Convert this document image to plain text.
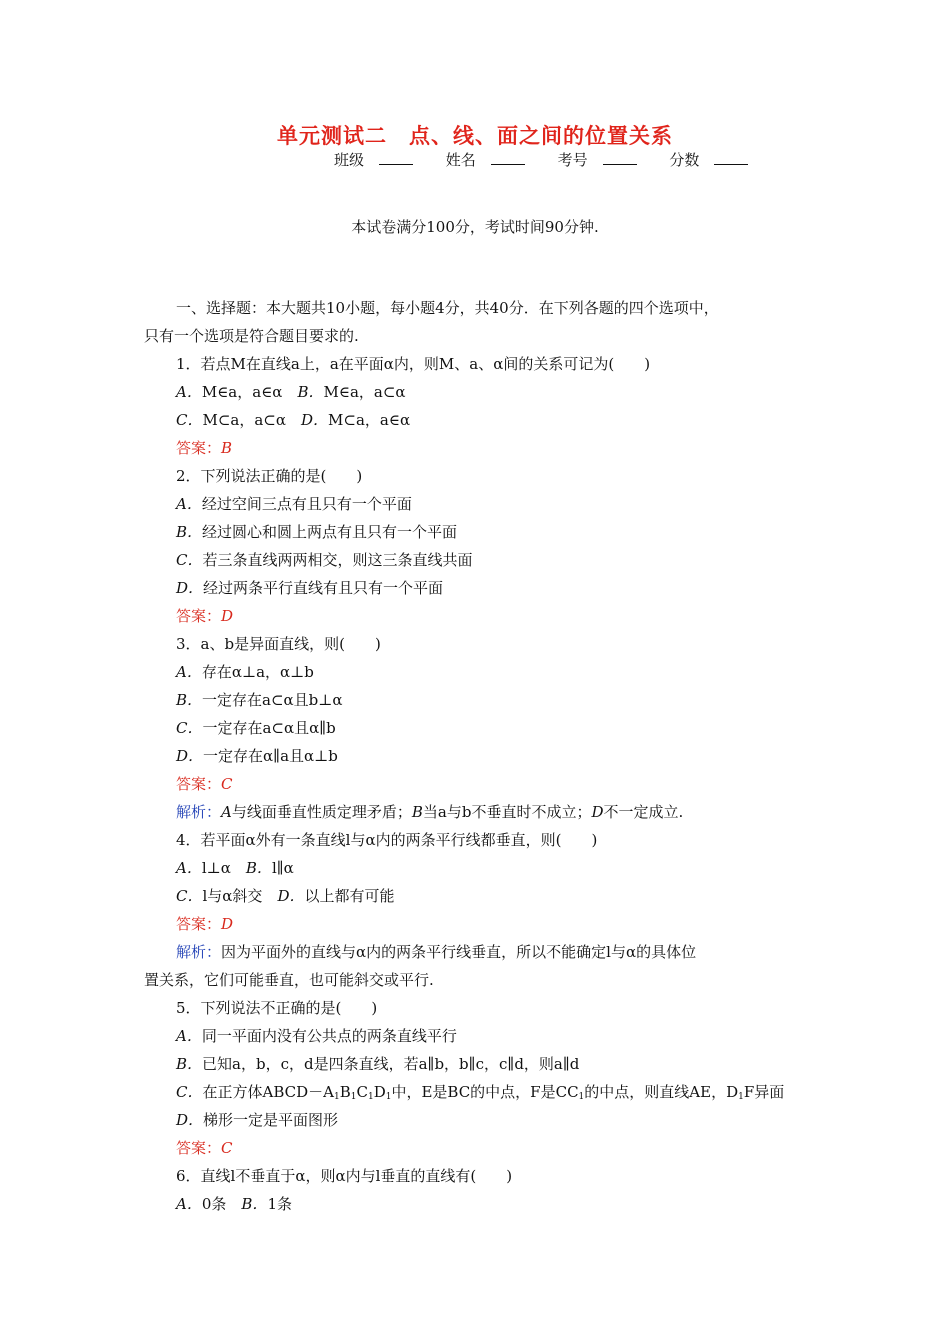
单元测试二　点、线、面之间的位置关系
班级	姓名	考号	分数
本试卷满分100分，考试时间90分钟.
一、选择题：本大题共10小题，每小题4分，共40分．在下列各题的四个选项中，
只有一个选项是符合题目要求的.
1．若点M在直线a上，a在平面α内，则M、a、α间的关系可记为(　　)
A．M∈a，a∈α　 B．M∈a，a⊂α
C．M⊂a，a⊂α　 D．M⊂a，a∈α
答案：B
2．下列说法正确的是(　　)
A．经过空间三点有且只有一个平面
B．经过圆心和圆上两点有且只有一个平面
C．若三条直线两两相交，则这三条直线共面
D．经过两条平行直线有且只有一个平面
答案：D
3．a、b是异面直线，则(　　)
A．存在α⊥a，α⊥b
B．一定存在a⊂α且b⊥α
C．一定存在a⊂α且α∥b
D．一定存在α∥a且α⊥b
答案：C
解析：A与线面垂直性质定理矛盾；B当a与b不垂直时不成立；D不一定成立.
4．若平面α外有一条直线l与α内的两条平行线都垂直，则(　　)
A．l⊥α　 B．l∥α
C．l与α斜交　 D．以上都有可能
答案：D
解析：因为平面外的直线与α内的两条平行线垂直，所以不能确定l与α的具体位
置关系，它们可能垂直，也可能斜交或平行.
5．下列说法不正确的是(　　)
A．同一平面内没有公共点的两条直线平行
B．已知a，b，c，d是四条直线，若a∥b，b∥c，c∥d，则a∥d
C．在正方体$ABCD-A_1B_1C_1D_1$中，E是BC的中点，F是$CC_1$的中点，则直线AE，$D_1F$异面
D．梯形一定是平面图形
答案：C
6．直线l不垂直于α，则α内与l垂直的直线有(　　)
A．0条　 B．1条
